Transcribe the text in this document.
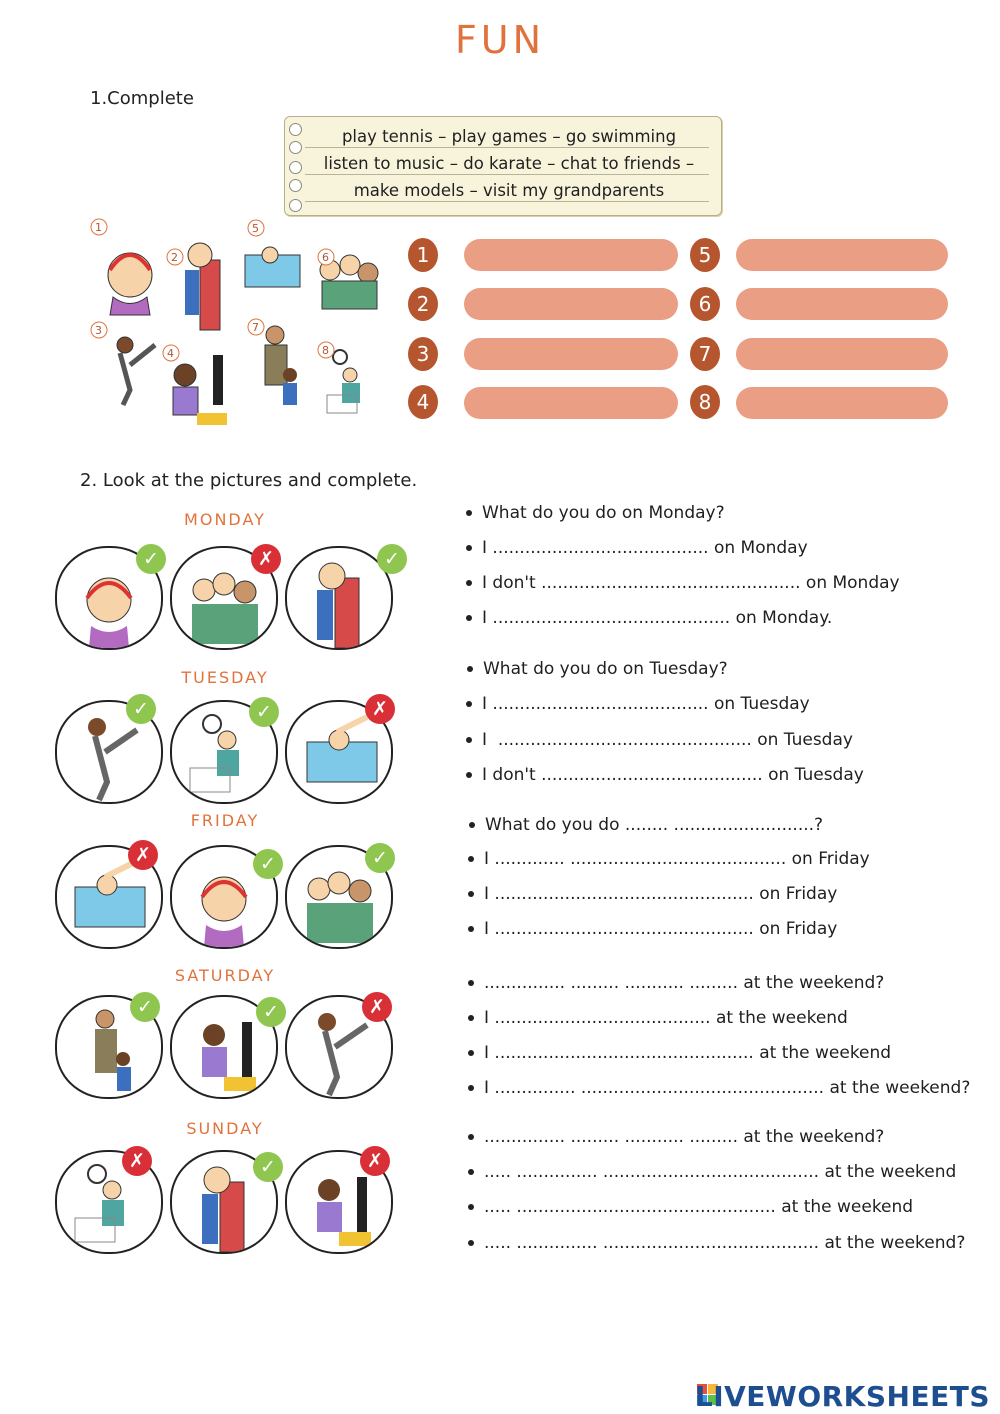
FUN
1.Complete
play tennis – play games – go swimming
listen to music – do karate – chat to friends –
make models – visit my grandparents
1
2
3
4
5
6
7
8
1
2
3
4
5
6
7
8
2. Look at the pictures and complete.
MONDAY
TUESDAY
FRIDAY
SATURDAY
SUNDAY
✓	✗	✓
✓	✓	✗
✗	✓	✓
✓	✓	✗
✗	✓	✗
What do you do on Monday?
I ........................................ on Monday
I don't ................................................ on Monday
I ............................................ on Monday.
What do you do on Tuesday?
I ........................................ on Tuesday
I  ............................................... on Tuesday
I don't ......................................... on Tuesday
What do you do ........ ..........................?
I ............. ........................................ on Friday
I ................................................ on Friday
I ................................................ on Friday
............... ......... ........... ......... at the weekend?
I ........................................ at the weekend
I ................................................ at the weekend
I ............... ............................................. at the weekend?
............... ......... ........... ......... at the weekend?
..... ............... ........................................ at the weekend
..... ................................................ at the weekend
..... ............... ........................................ at the weekend?
LIVEWORKSHEETS
